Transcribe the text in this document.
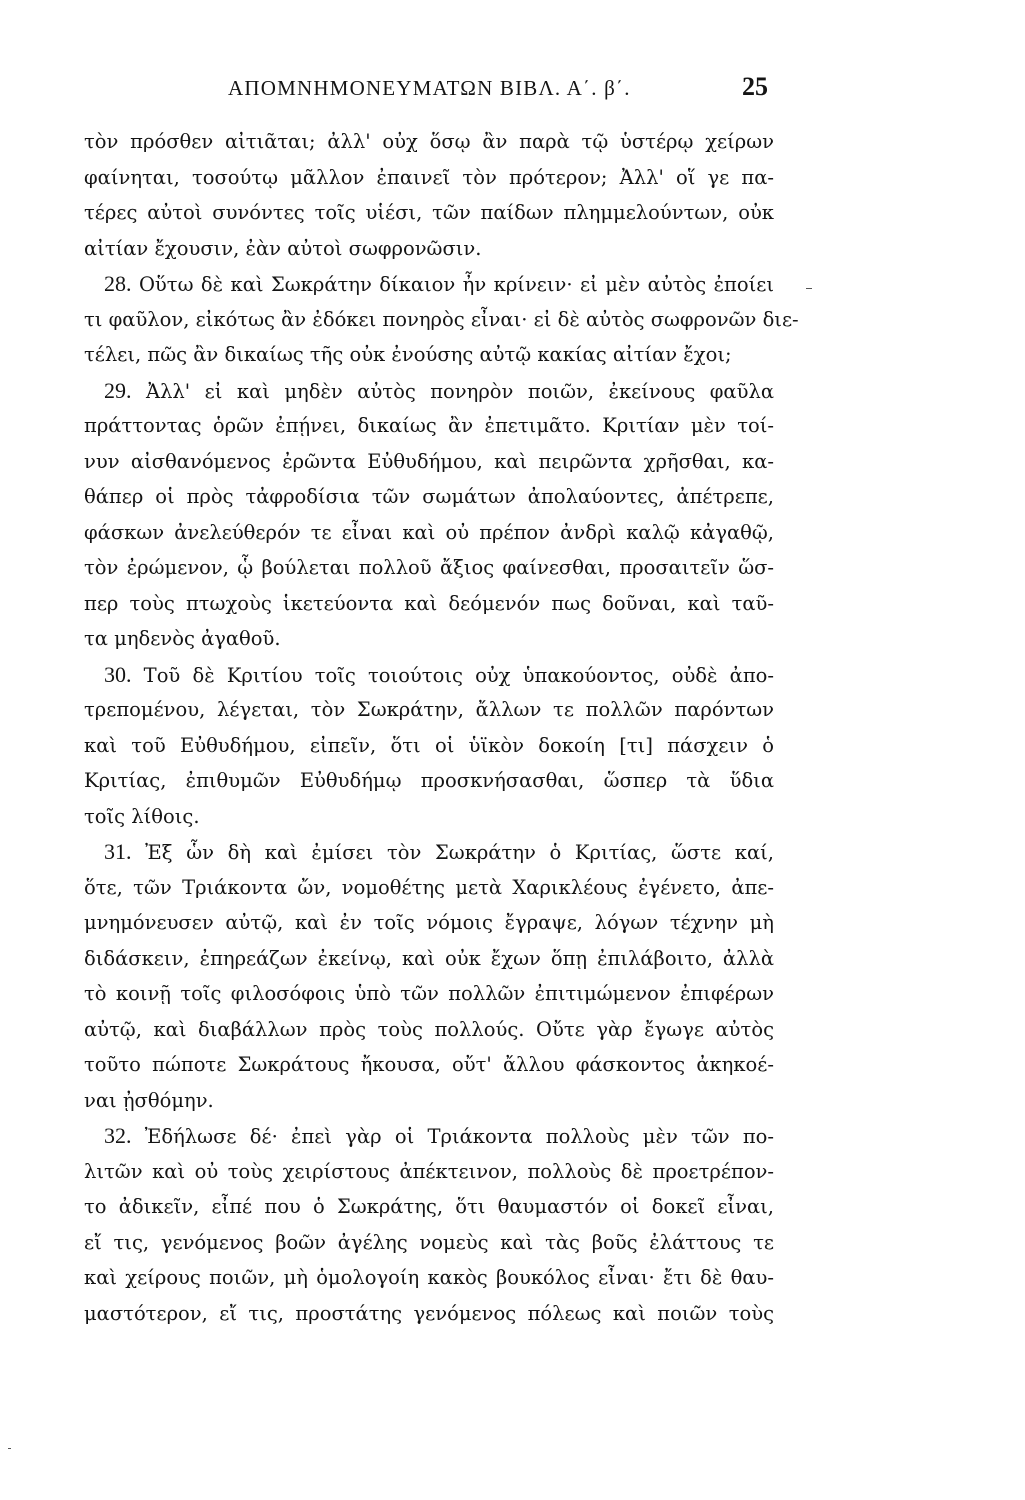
ΑΠΟΜΝΗΜΟΝΕΥΜΑΤΩΝ ΒΙΒΛ. Α΄. β΄.	25
τὸν πρόσθεν αἰτιᾶται; ἀλλ' οὐχ ὅσῳ ἂν παρὰ τῷ ὑστέρῳ χείρων
φαίνηται, τοσούτῳ μᾶλλον ἐπαινεῖ τὸν πρότερον; Ἀλλ' οἵ γε πα-
τέρες αὐτοὶ συνόντες τοῖς υἱέσι, τῶν παίδων πλημμελούντων, οὐκ
αἰτίαν ἔχουσιν, ἐὰν αὐτοὶ σωφρονῶσιν.
28. Οὕτω δὲ καὶ Σωκράτην δίκαιον ἦν κρίνειν· εἰ μὲν αὐτὸς ἐποίει
τι φαῦλον, εἰκότως ἂν ἐδόκει πονηρὸς εἶναι· εἰ δὲ αὐτὸς σωφρονῶν διε-
τέλει, πῶς ἂν δικαίως τῆς οὐκ ἐνούσης αὐτῷ κακίας αἰτίαν ἔχοι;
29. Ἀλλ' εἰ καὶ μηδὲν αὐτὸς πονηρὸν ποιῶν, ἐκείνους φαῦλα
πράττοντας ὁρῶν ἐπῄνει, δικαίως ἂν ἐπετιμᾶτο. Κριτίαν μὲν τοί-
νυν αἰσθανόμενος ἐρῶντα Εὐθυδήμου, καὶ πειρῶντα χρῆσθαι, κα-
θάπερ οἱ πρὸς τἀφροδίσια τῶν σωμάτων ἀπολαύοντες, ἀπέτρεπε,
φάσκων ἀνελεύθερόν τε εἶναι καὶ οὐ πρέπον ἀνδρὶ καλῷ κἀγαθῷ,
τὸν ἐρώμενον, ᾧ βούλεται πολλοῦ ἄξιος φαίνεσθαι, προσαιτεῖν ὥσ-
περ τοὺς πτωχοὺς ἱκετεύοντα καὶ δεόμενόν πως δοῦναι, καὶ ταῦ-
τα μηδενὸς ἀγαθοῦ.
30. Τοῦ δὲ Κριτίου τοῖς τοιούτοις οὐχ ὑπακούοντος, οὐδὲ ἀπο-
τρεπομένου, λέγεται, τὸν Σωκράτην, ἄλλων τε πολλῶν παρόντων
καὶ τοῦ Εὐθυδήμου, εἰπεῖν, ὅτι οἱ ὑϊκὸν δοκοίη [τι] πάσχειν ὁ
Κριτίας, ἐπιθυμῶν Εὐθυδήμῳ προσκνήσασθαι, ὥσπερ τὰ ὕδια
τοῖς λίθοις.
31. Ἐξ ὧν δὴ καὶ ἐμίσει τὸν Σωκράτην ὁ Κριτίας, ὥστε καί,
ὅτε, τῶν Τριάκοντα ὤν, νομοθέτης μετὰ Χαρικλέους ἐγένετο, ἀπε-
μνημόνευσεν αὐτῷ, καὶ ἐν τοῖς νόμοις ἔγραψε, λόγων τέχνην μὴ
διδάσκειν, ἐπηρεάζων ἐκείνῳ, καὶ οὐκ ἔχων ὅπῃ ἐπιλάβοιτο, ἀλλὰ
τὸ κοινῇ τοῖς φιλοσόφοις ὑπὸ τῶν πολλῶν ἐπιτιμώμενον ἐπιφέρων
αὐτῷ, καὶ διαβάλλων πρὸς τοὺς πολλούς. Οὔτε γὰρ ἔγωγε αὐτὸς
τοῦτο πώποτε Σωκράτους ἤκουσα, οὔτ' ἄλλου φάσκοντος ἀκηκοέ-
ναι ᾐσθόμην.
32. Ἐδήλωσε δέ· ἐπεὶ γὰρ οἱ Τριάκοντα πολλοὺς μὲν τῶν πο-
λιτῶν καὶ οὐ τοὺς χειρίστους ἀπέκτεινον, πολλοὺς δὲ προετρέπον-
το ἀδικεῖν, εἶπέ που ὁ Σωκράτης, ὅτι θαυμαστόν οἱ δοκεῖ εἶναι,
εἴ τις, γενόμενος βοῶν ἀγέλης νομεὺς καὶ τὰς βοῦς ἐλάττους τε
καὶ χείρους ποιῶν, μὴ ὁμολογοίη κακὸς βουκόλος εἶναι· ἔτι δὲ θαυ-
μαστότερον, εἴ τις, προστάτης γενόμενος πόλεως καὶ ποιῶν τοὺς
